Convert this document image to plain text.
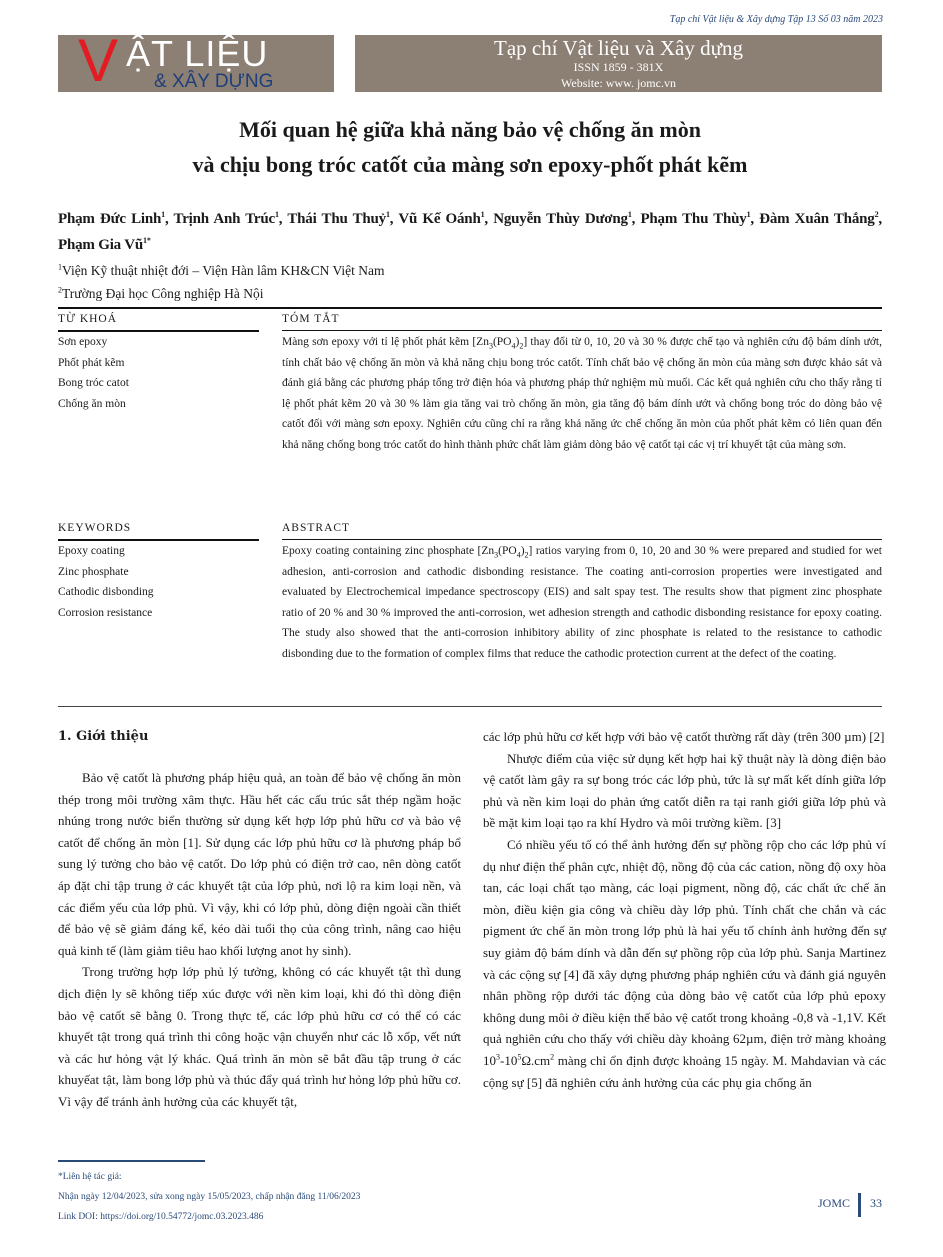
Tạp chí Vật liệu & Xây dựng Tập 13 Số 03 năm 2023
V ẬT LIỆU
& XÂY DỰNG
Tạp chí Vật liệu và Xây dựng
ISSN 1859 - 381X
Website: www. jomc.vn
Mối quan hệ giữa khả năng bảo vệ chống ăn mòn
và chịu bong tróc catốt của màng sơn epoxy-phốt phát kẽm
Phạm Đức Linh$^1$, Trịnh Anh Trúc$^1$, Thái Thu Thuỷ$^1$, Vũ Kế Oánh$^1$, Nguyễn Thùy Dương$^1$, Phạm Thu Thùy$^1$, Đàm Xuân Thắng$^2$, Phạm Gia $Vũ^{1*}$
$^1$Viện Kỹ thuật nhiệt đới – Viện Hàn lâm KH&CN Việt Nam
$^2$Trường Đại học Công nghiệp Hà Nội
TỪ KHOÁ	TÓM TẮT
Sơn epoxy
Phốt phát kẽm
Bong tróc catot
Chống ăn mòn
Màng sơn epoxy với tỉ lệ phốt phát kẽm $[Zn_3(PO_4)_2]$ thay đổi từ 0, 10, 20 và 30 % được chế tạo và nghiên cứu độ bám dính ướt, tính chất bảo vệ chống ăn mòn và khả năng chịu bong tróc catốt. Tính chất bảo vệ chống ăn mòn của màng sơn được khảo sát và đánh giá bằng các phương pháp tổng trở điện hóa và phương pháp thử nghiệm mù muối. Các kết quả nghiên cứu cho thấy rằng tỉ lệ phốt phát kẽm 20 và 30 % làm gia tăng vai trò chống ăn mòn, gia tăng độ bám dính ướt và chống bong tróc do dòng bảo vệ catốt đối với màng sơn epoxy. Nghiên cứu cũng chỉ ra rằng khả năng ức chế chống ăn mòn của phốt phát kẽm có liên quan đến khả năng chống bong tróc catốt do hình thành phức chất làm giảm dòng bảo vệ catốt tại các vị trí khuyết tật của màng sơn.
KEYWORDS	ABSTRACT
Epoxy coating
Zinc phosphate
Cathodic disbonding
Corrosion resistance
Epoxy coating containing zinc phosphate $[Zn_3(PO_4)_2]$ ratios varying from 0, 10, 20 and 30 % were prepared and studied for wet adhesion, anti-corrosion and cathodic disbonding resistance. The coating anti-corrosion properties were investigated and evaluated by Electrochemical impedance spectroscopy (EIS) and salt spay test. The results show that pigment zinc phosphate ratio of 20 % and 30 % improved the anti-corrosion, wet adhesion strength and cathodic disbonding resistance for epoxy coating. The study also showed that the anti-corrosion inhibitory ability of zinc phosphate is related to the resistance to cathodic disbonding due to the formation of complex films that reduce the cathodic protection current at the defect of the coating.
1. Giới thiệu

Bảo vệ catốt là phương pháp hiệu quả, an toàn để bảo vệ chống ăn mòn thép trong môi trường xâm thực. Hầu hết các cấu trúc sắt thép ngầm hoặc nhúng trong nước biển thường sử dụng kết hợp lớp phủ hữu cơ và bảo vệ catốt để chống ăn mòn [1]. Sử dụng các lớp phủ hữu cơ là phương pháp bổ sung lý tưởng cho bảo vệ catốt. Do lớp phủ có điện trở cao, nên dòng catốt áp đặt chỉ tập trung ở các khuyết tật của lớp phủ, nơi lộ ra kim loại nền, và các điểm yếu của lớp phủ. Vì vậy, khi có lớp phủ, dòng điện ngoài cần thiết để bảo vệ sẽ giảm đáng kể, kéo dài tuổi thọ của công trình, nâng cao hiệu quả kinh tế (làm giảm tiêu hao khối lượng anot hy sinh).

Trong trường hợp lớp phủ lý tưởng, không có các khuyết tật thì dung dịch điện ly sẽ không tiếp xúc được với nền kim loại, khi đó thì dòng điện bảo vệ catốt sẽ bằng 0. Trong thực tế, các lớp phủ hữu cơ có thể có các khuyết tật trong quá trình thi công hoặc vận chuyển như các lỗ xốp, vết nứt và các hư hỏng vật lý khác. Quá trình ăn mòn sẽ bắt đầu tập trung ở các khuyếat tật, làm bong lớp phủ và thúc đẩy quá trình hư hỏng lớp phủ hữu cơ. Vì vậy để tránh ảnh hưởng của các khuyết tật,

các lớp phủ hữu cơ kết hợp với bảo vệ catốt thường rất dày (trên 300 µm) [2]

Nhược điểm của việc sử dụng kết hợp hai kỹ thuật này là dòng điện bảo vệ catốt làm gây ra sự bong tróc các lớp phủ, tức là sự mất kết dính giữa lớp phủ và nền kim loại do phản ứng catốt diễn ra tại ranh giới giữa lớp phủ và bề mặt kim loại tạo ra khí Hydro và môi trường kiềm. [3]

Có nhiều yếu tố có thể ảnh hưởng đến sự phồng rộp cho các lớp phủ ví dụ như điện thế phân cực, nhiệt độ, nồng độ của các cation, nồng độ oxy hòa tan, các loại chất tạo màng, các loại pigment, nồng độ, các chất ức chế ăn mòn, điều kiện gia công và chiều dày lớp phủ. Tính chất che chắn và các pigment ức chế ăn mòn trong lớp phủ là hai yếu tố chính ảnh hưởng đến sự suy giảm độ bám dính và dẫn đến sự phồng rộp của lớp phủ. Sanja Martinez và các cộng sự [4] đã xây dựng phương pháp nghiên cứu và đánh giá nguyên nhân phồng rộp dưới tác động của dòng bảo vệ catốt của lớp phủ epoxy không dung môi ở điều kiện thế bảo vệ catốt trong khoảng -0,8 và -1,1V. Kết quả nghiên cứu cho thấy với chiều dày khoảng 62µm, điện trở màng khoảng $10^3-10^5\Omega.cm^2$ màng chỉ ổn định được khoảng 15 ngày. M. Mahdavian và các cộng sự [5] đã nghiên cứu ảnh hưởng của các phụ gia chống ăn

*Liên hệ tác giả:
Nhận ngày 12/04/2023, sửa xong ngày 15/05/2023, chấp nhận đăng 11/06/2023
Link DOI: https://doi.org/10.54772/jomc.03.2023.486
JOMC 33
